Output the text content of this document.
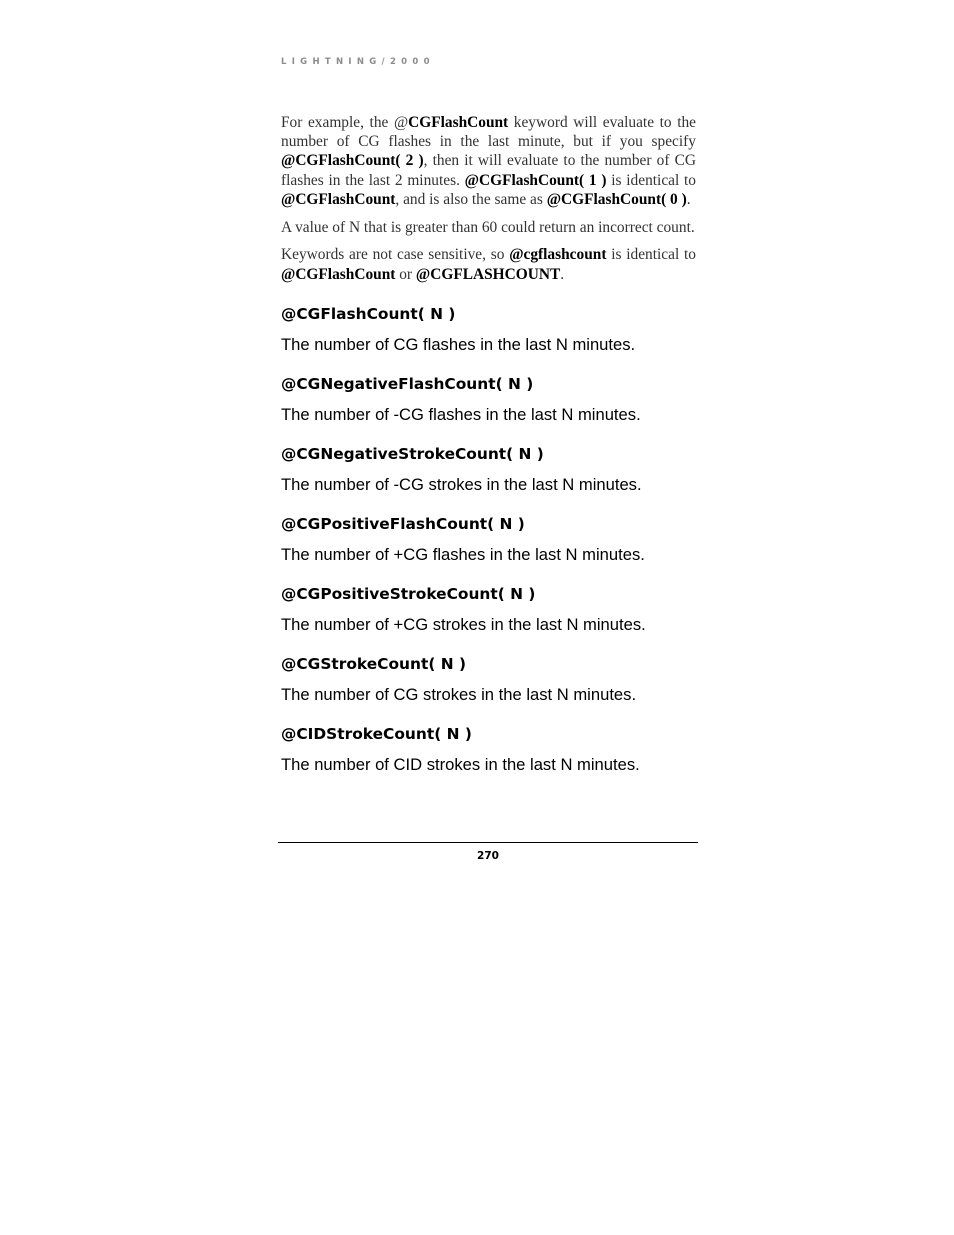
LIGHTNING/2000

For example, the @CGFlashCount keyword will evaluate to the number of CG flashes in the last minute, but if you specify @CGFlashCount( 2 ), then it will evaluate to the number of CG flashes in the last 2 minutes. @CGFlashCount( 1 ) is identical to @CGFlashCount, and is also the same as @CGFlashCount( 0 ).

A value of N that is greater than 60 could return an incorrect count.

Keywords are not case sensitive, so @cgflashcount is identical to @CGFlashCount or @CGFLASHCOUNT.

@CGFlashCount( N )

The number of CG flashes in the last N minutes.

@CGNegativeFlashCount( N )

The number of -CG flashes in the last N minutes.

@CGNegativeStrokeCount( N )

The number of -CG strokes in the last N minutes.

@CGPositiveFlashCount( N )

The number of +CG flashes in the last N minutes.

@CGPositiveStrokeCount( N )

The number of +CG strokes in the last N minutes.

@CGStrokeCount( N )

The number of CG strokes in the last N minutes.

@CIDStrokeCount( N )

The number of CID strokes in the last N minutes.

270
